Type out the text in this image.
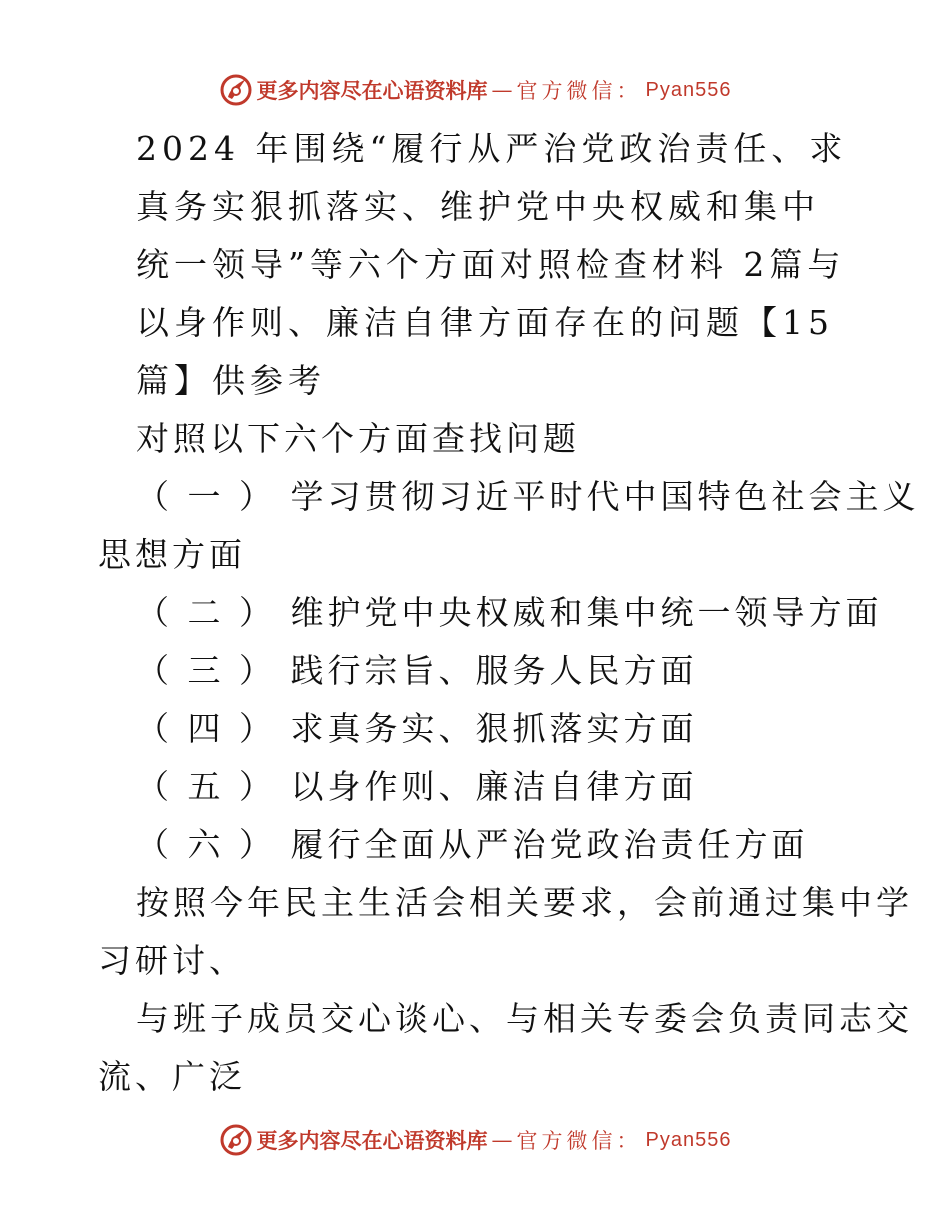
更多内容尽在心语资料库 — 官方微信： Pyan556
2024 年围绕“履行从严治党政治责任、求
真务实狠抓落实、维护党中央权威和集中
统一领导”等六个方面对照检查材料 2篇与
以身作则、廉洁自律方面存在的问题【15
篇】供参考
对照以下六个方面查找问题
（ 一 ） 学习贯彻习近平时代中国特色社会主义
思想方面
（ 二 ） 维护党中央权威和集中统一领导方面
（ 三 ） 践行宗旨、服务人民方面
（ 四 ） 求真务实、狠抓落实方面
（ 五 ） 以身作则、廉洁自律方面
（ 六 ） 履行全面从严治党政治责任方面
按照今年民主生活会相关要求，会前通过集中学
习研讨、
与班子成员交心谈心、与相关专委会负责同志交
流、广泛
更多内容尽在心语资料库 — 官方微信： Pyan556
